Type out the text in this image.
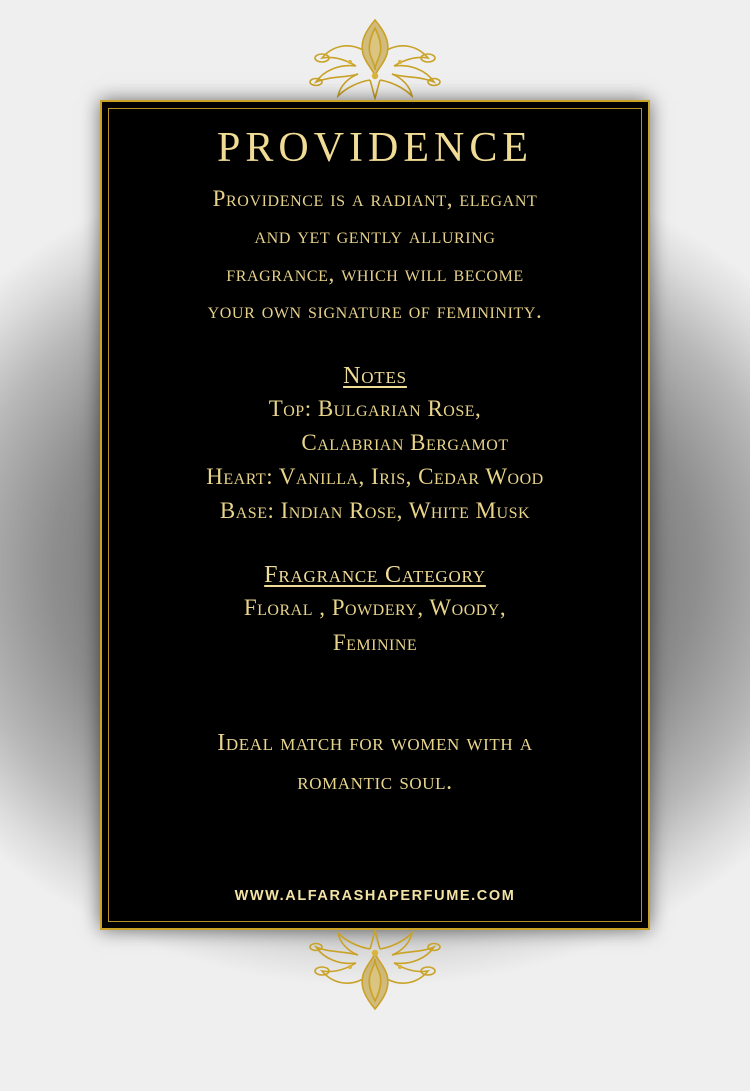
PROVIDENCE
Providence is a radiant, elegant
and yet gently alluring
fragrance, which will become
your own signature of femininity.
Notes
Top: Bulgarian Rose,
Calabrian Bergamot
Heart: Vanilla, Iris, Cedar Wood
Base: Indian Rose, White Musk
Fragrance Category
Floral , Powdery, Woody,
Feminine
Ideal match for women with a
romantic soul.
WWW.ALFARASHAPERFUME.COM
